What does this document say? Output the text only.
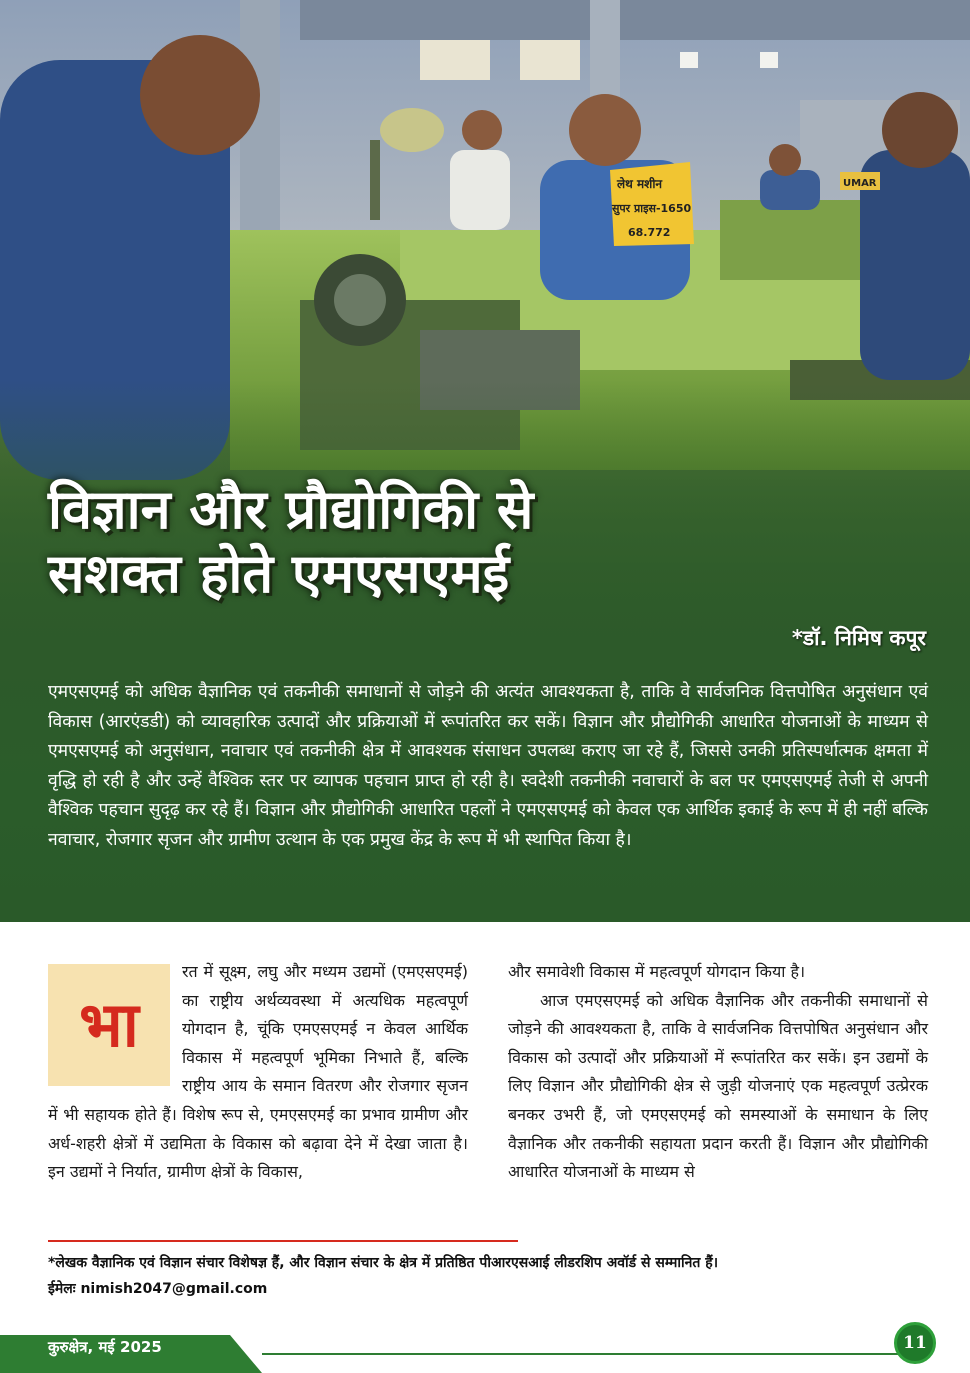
लेथ मशीन
सुपर प्राइस-1650
68.772
UMAR
विज्ञान और प्रौद्योगिकी से
सशक्त होते एमएसएमई
*डॉ. निमिष कपूर

एमएसएमई को अधिक वैज्ञानिक एवं तकनीकी समाधानों से जोड़ने की अत्यंत आवश्यकता है, ताकि वे सार्वजनिक वित्तपोषित अनुसंधान एवं विकास (आरएंडडी) को व्यावहारिक उत्पादों और प्रक्रियाओं में रूपांतरित कर सकें। विज्ञान और प्रौद्योगिकी आधारित योजनाओं के माध्यम से एमएसएमई को अनुसंधान, नवाचार एवं तकनीकी क्षेत्र में आवश्यक संसाधन उपलब्ध कराए जा रहे हैं, जिससे उनकी प्रतिस्पर्धात्मक क्षमता में वृद्धि हो रही है और उन्हें वैश्विक स्तर पर व्यापक पहचान प्राप्त हो रही है। स्वदेशी तकनीकी नवाचारों के बल पर एमएसएमई तेजी से अपनी वैश्विक पहचान सुदृढ़ कर रहे हैं। विज्ञान और प्रौद्योगिकी आधारित पहलों ने एमएसएमई को केवल एक आर्थिक इकाई के रूप में ही नहीं बल्कि नवाचार, रोजगार सृजन और ग्रामीण उत्थान के एक प्रमुख केंद्र के रूप में भी स्थापित किया है।

भा

रत में सूक्ष्म, लघु और मध्यम उद्यमों (एमएसएमई) का राष्ट्रीय अर्थव्यवस्था में अत्यधिक महत्वपूर्ण योगदान है, चूंकि एमएसएमई न केवल आर्थिक विकास में महत्वपूर्ण भूमिका निभाते हैं, बल्कि राष्ट्रीय आय के समान वितरण और रोजगार सृजन में भी सहायक होते हैं। विशेष रूप से, एमएसएमई का प्रभाव ग्रामीण और अर्ध-शहरी क्षेत्रों में उद्यमिता के विकास को बढ़ावा देने में देखा जाता है। इन उद्यमों ने निर्यात, ग्रामीण क्षेत्रों के विकास,

और समावेशी विकास में महत्वपूर्ण योगदान किया है।

आज एमएसएमई को अधिक वैज्ञानिक और तकनीकी समाधानों से जोड़ने की आवश्यकता है, ताकि वे सार्वजनिक वित्तपोषित अनुसंधान और विकास को उत्पादों और प्रक्रियाओं में रूपांतरित कर सकें। इन उद्यमों के लिए विज्ञान और प्रौद्योगिकी क्षेत्र से जुड़ी योजनाएं एक महत्वपूर्ण उत्प्रेरक बनकर उभरी हैं, जो एमएसएमई को समस्याओं के समाधान के लिए वैज्ञानिक और तकनीकी सहायता प्रदान करती हैं। विज्ञान और प्रौद्योगिकी आधारित योजनाओं के माध्यम से

*लेखक वैज्ञानिक एवं विज्ञान संचार विशेषज्ञ हैं, और विज्ञान संचार के क्षेत्र में प्रतिष्ठित पीआरएसआई लीडरशिप अवॉर्ड से सम्मानित हैं।
ईमेलः nimish2047@gmail.com
कुरुक्षेत्र, मई 2025	11
